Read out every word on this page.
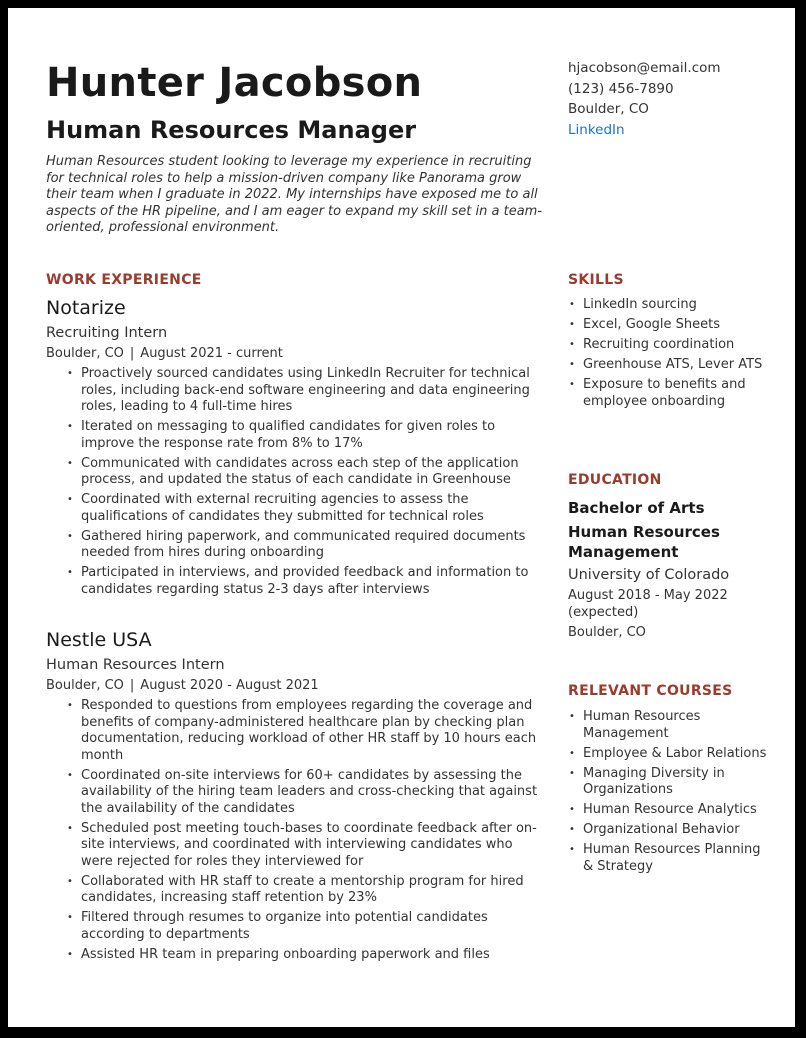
Hunter Jacobson
Human Resources Manager

Human Resources student looking to leverage my experience in recruiting for technical roles to help a mission-driven company like Panorama grow their team when I graduate in 2022. My internships have exposed me to all aspects of the HR pipeline, and I am eager to expand my skill set in a team-oriented, professional environment.

WORK EXPERIENCE

Notarize

Recruiting Intern

Boulder, CO | August 2021 - current

• Proactively sourced candidates using LinkedIn Recruiter for technical roles, including back-end software engineering and data engineering roles, leading to 4 full-time hires
• Iterated on messaging to qualified candidates for given roles to improve the response rate from 8% to 17%
• Communicated with candidates across each step of the application process, and updated the status of each candidate in Greenhouse
• Coordinated with external recruiting agencies to assess the qualifications of candidates they submitted for technical roles
• Gathered hiring paperwork, and communicated required documents needed from hires during onboarding
• Participated in interviews, and provided feedback and information to candidates regarding status 2-3 days after interviews

Nestle USA

Human Resources Intern

Boulder, CO | August 2020 - August 2021

• Responded to questions from employees regarding the coverage and benefits of company-administered healthcare plan by checking plan documentation, reducing workload of other HR staff by 10 hours each month
• Coordinated on-site interviews for 60+ candidates by assessing the availability of the hiring team leaders and cross-checking that against the availability of the candidates
• Scheduled post meeting touch-bases to coordinate feedback after on-site interviews, and coordinated with interviewing candidates who were rejected for roles they interviewed for
• Collaborated with HR staff to create a mentorship program for hired candidates, increasing staff retention by 23%
• Filtered through resumes to organize into potential candidates according to departments
• Assisted HR team in preparing onboarding paperwork and files
hjacobson@email.com
(123) 456-7890
Boulder, CO
LinkedIn
SKILLS
• LinkedIn sourcing
• Excel, Google Sheets
• Recruiting coordination
• Greenhouse ATS, Lever ATS
• Exposure to benefits and employee onboarding
EDUCATION

Bachelor of Arts

Human Resources Management

University of Colorado

August 2018 - May 2022 (expected)

Boulder, CO

RELEVANT COURSES
• Human Resources Management
• Employee & Labor Relations
• Managing Diversity in Organizations
• Human Resource Analytics
• Organizational Behavior
• Human Resources Planning & Strategy
